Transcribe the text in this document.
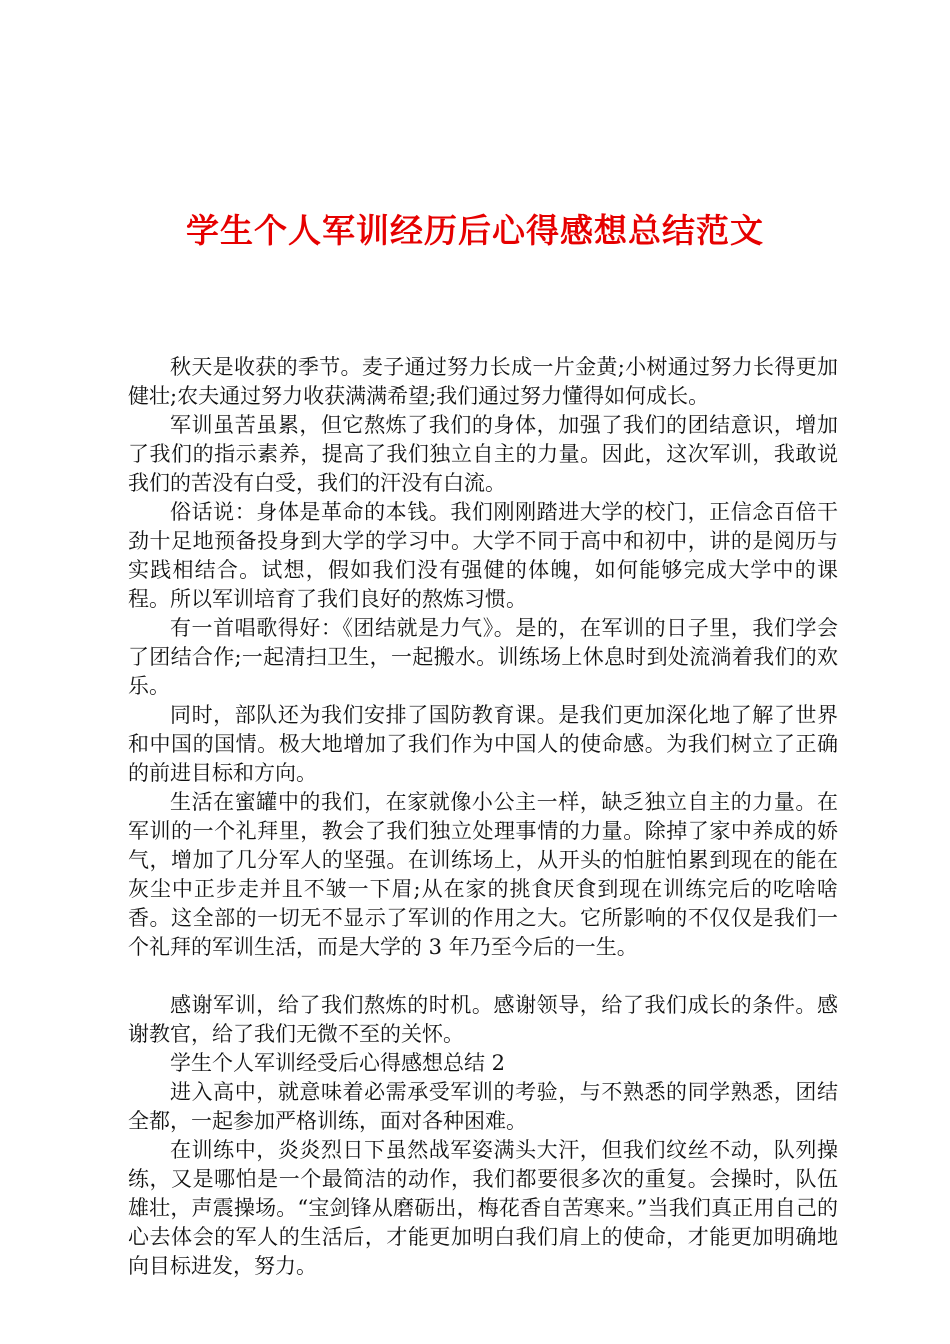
学生个人军训经历后心得感想总结范文

秋天是收获的季节。麦子通过努力长成一片金黄;小树通过努力长得更加健壮;农夫通过努力收获满满希望;我们通过努力懂得如何成长。

军训虽苦虽累，但它熬炼了我们的身体，加强了我们的团结意识，增加了我们的指示素养，提高了我们独立自主的力量。因此，这次军训，我敢说我们的苦没有白受，我们的汗没有白流。

俗话说：身体是革命的本钱。我们刚刚踏进大学的校门，正信念百倍干劲十足地预备投身到大学的学习中。大学不同于高中和初中，讲的是阅历与实践相结合。试想，假如我们没有强健的体魄，如何能够完成大学中的课程。所以军训培育了我们良好的熬炼习惯。

有一首唱歌得好：《团结就是力气》。是的，在军训的日子里，我们学会了团结合作;一起清扫卫生，一起搬水。训练场上休息时到处流淌着我们的欢乐。

同时，部队还为我们安排了国防教育课。是我们更加深化地了解了世界和中国的国情。极大地增加了我们作为中国人的使命感。为我们树立了正确的前进目标和方向。

生活在蜜罐中的我们，在家就像小公主一样，缺乏独立自主的力量。在军训的一个礼拜里，教会了我们独立处理事情的力量。除掉了家中养成的娇气，增加了几分军人的坚强。在训练场上，从开头的怕脏怕累到现在的能在灰尘中正步走并且不皱一下眉;从在家的挑食厌食到现在训练完后的吃啥啥香。这全部的一切无不显示了军训的作用之大。它所影响的不仅仅是我们一个礼拜的军训生活，而是大学的 3 年乃至今后的一生。

感谢军训，给了我们熬炼的时机。感谢领导，给了我们成长的条件。感谢教官，给了我们无微不至的关怀。

学生个人军训经受后心得感想总结 2

进入高中，就意味着必需承受军训的考验，与不熟悉的同学熟悉，团结全都，一起参加严格训练，面对各种困难。

在训练中，炎炎烈日下虽然战军姿满头大汗，但我们纹丝不动，队列操练，又是哪怕是一个最简洁的动作，我们都要很多次的重复。会操时，队伍雄壮，声震操场。“宝剑锋从磨砺出，梅花香自苦寒来。”当我们真正用自己的心去体会的军人的生活后，才能更加明白我们肩上的使命，才能更加明确地向目标进发，努力。
